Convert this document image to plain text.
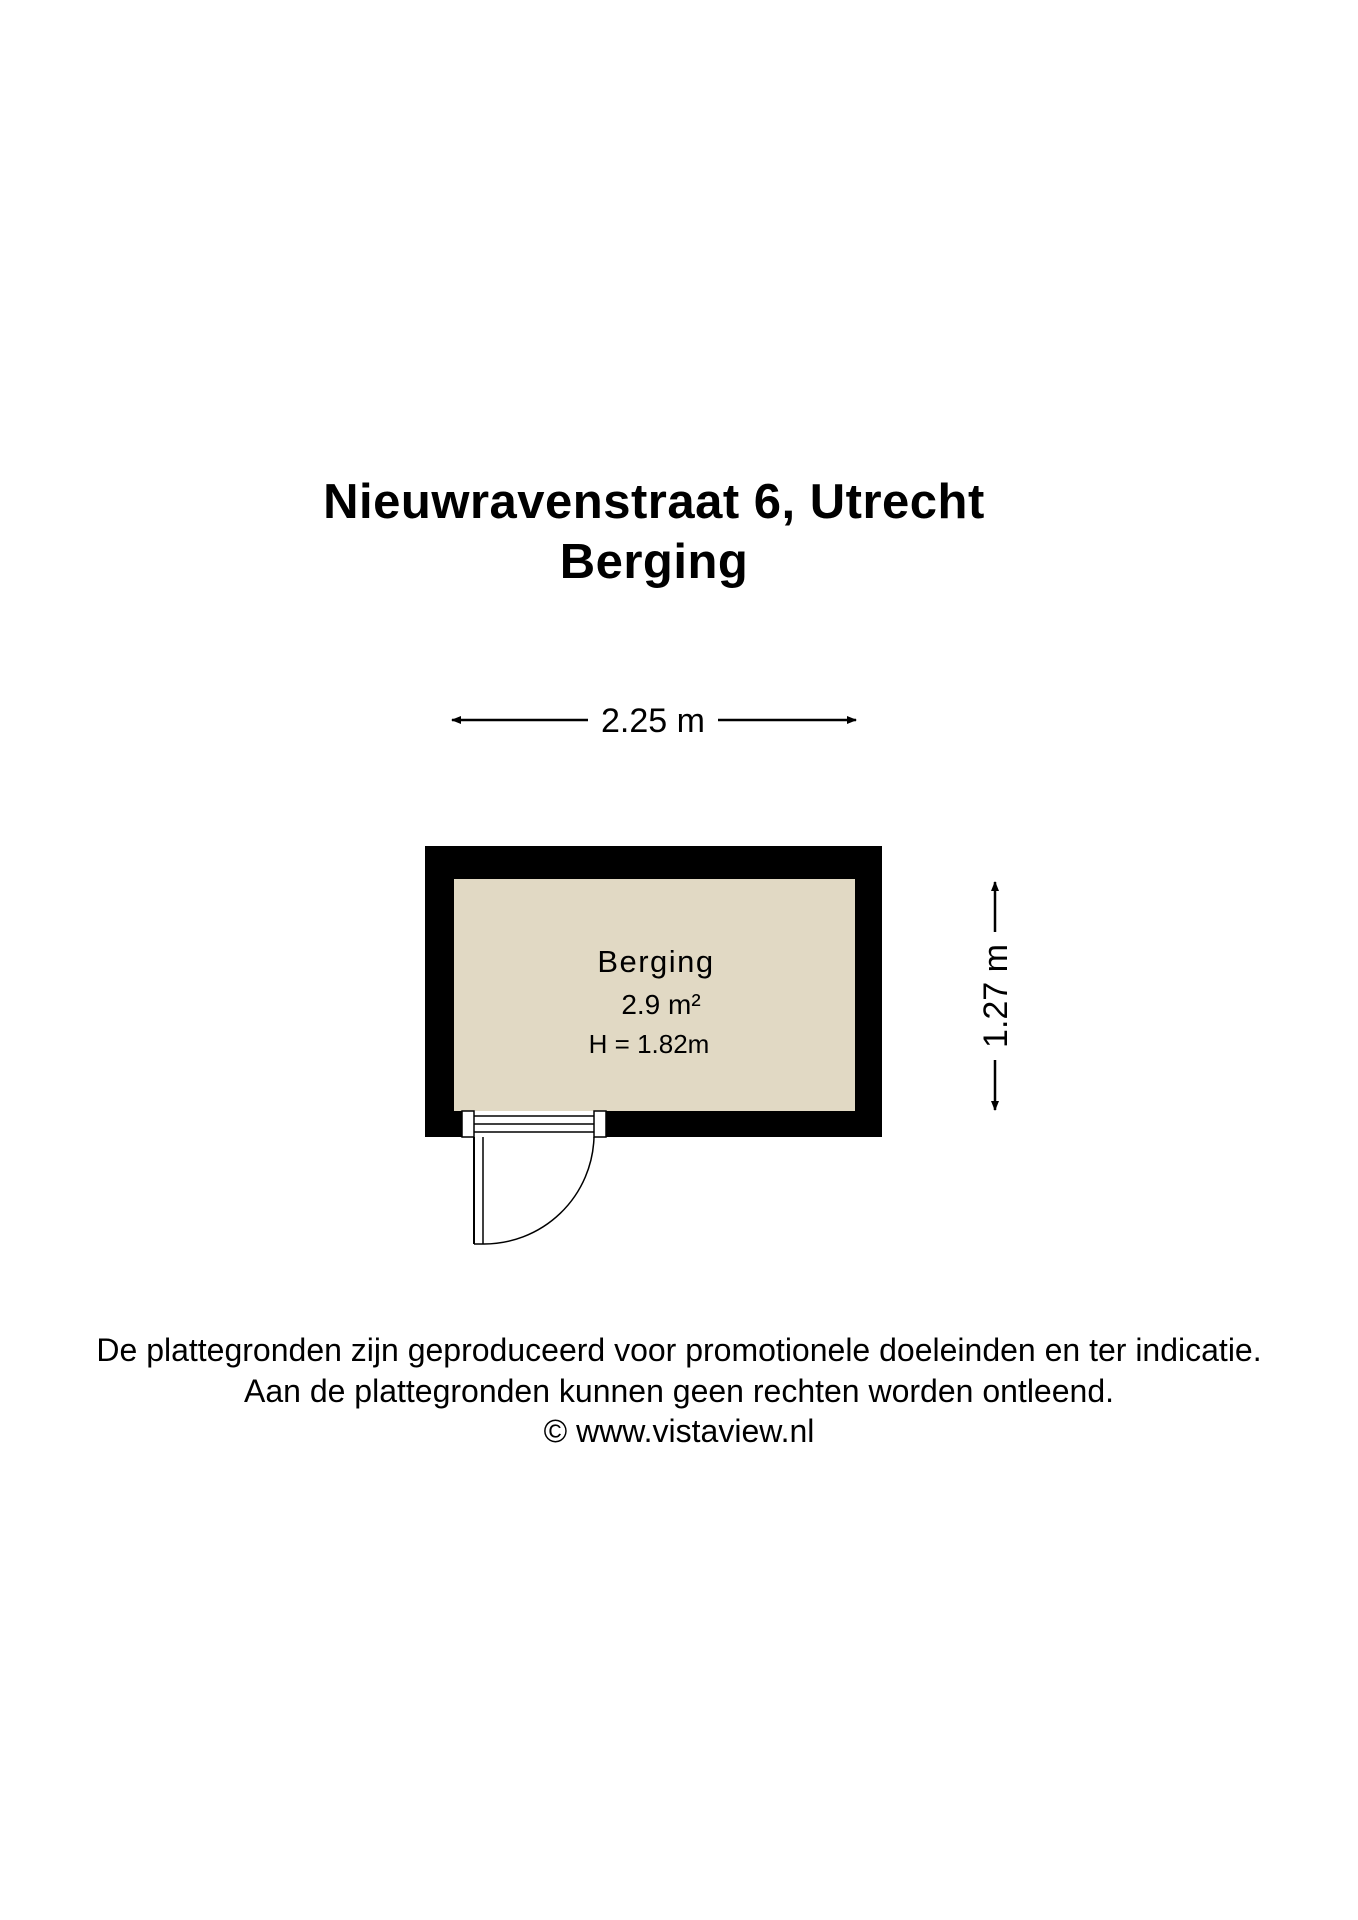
Nieuwravenstraat 6, Utrecht
Berging
2.25 m
1.27 m
Berging
2.9 m²
H = 1.82m
De plattegronden zijn geproduceerd voor promotionele doeleinden en ter indicatie.
Aan de plattegronden kunnen geen rechten worden ontleend.
© www.vistaview.nl
